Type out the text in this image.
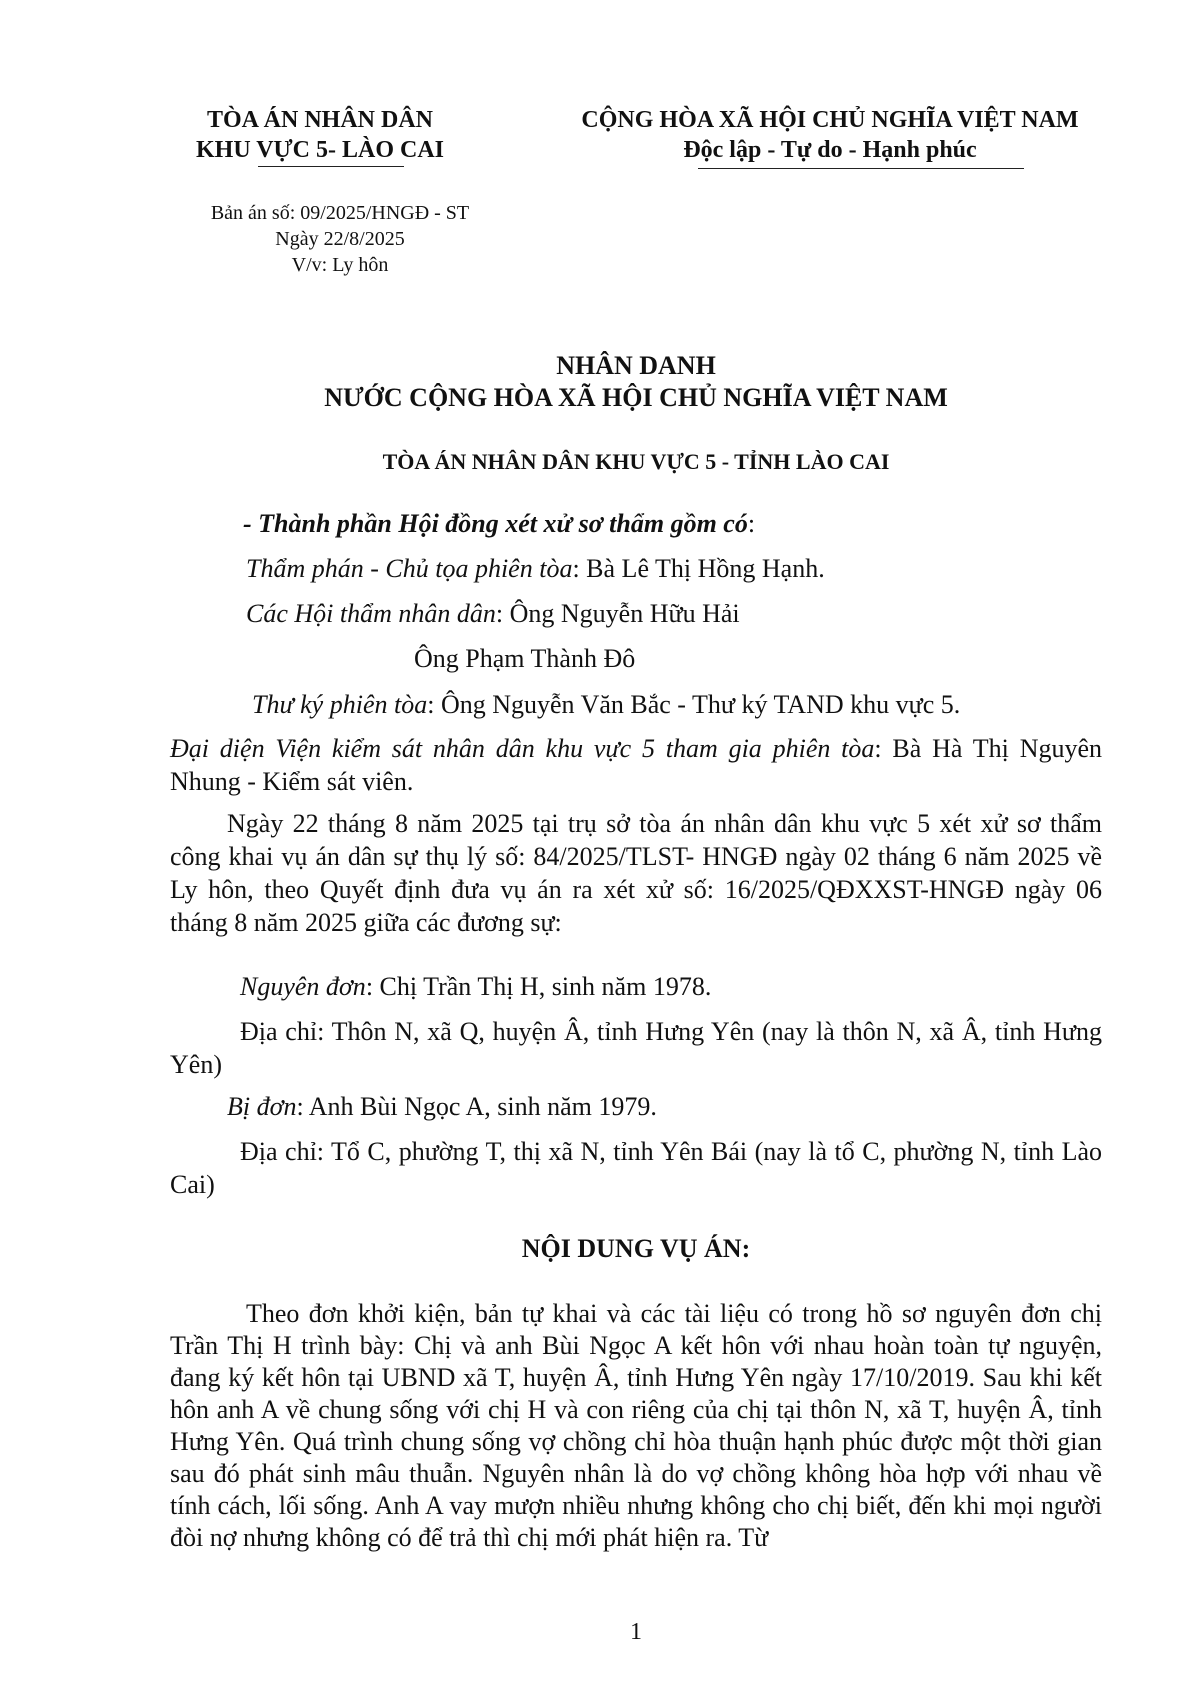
TÒA ÁN NHÂN DÂN
KHU VỰC 5- LÀO CAI
CỘNG HÒA XÃ HỘI CHỦ NGHĨA VIỆT NAM
Độc lập - Tự do - Hạnh phúc
Bản án số: 09/2025/HNGĐ - ST
Ngày 22/8/2025
V/v: Ly hôn
NHÂN DANH
NƯỚC CỘNG HÒA XÃ HỘI CHỦ NGHĨA VIỆT NAM
TÒA ÁN NHÂN DÂN KHU VỰC 5 - TỈNH LÀO CAI
- Thành phần Hội đồng xét xử sơ thẩm gồm có:
Thẩm phán - Chủ tọa phiên tòa: Bà Lê Thị Hồng Hạnh.
Các Hội thẩm nhân dân: Ông Nguyễn Hữu Hải
Ông Phạm Thành Đô
Thư ký phiên tòa: Ông Nguyễn Văn Bắc - Thư ký TAND khu vực 5.
Đại diện Viện kiểm sát nhân dân khu vực 5 tham gia phiên tòa: Bà Hà Thị Nguyên Nhung - Kiểm sát viên.
Ngày 22 tháng 8 năm 2025 tại trụ sở tòa án nhân dân khu vực 5 xét xử sơ thẩm công khai vụ án dân sự thụ lý số: 84/2025/TLST- HNGĐ ngày 02 tháng 6 năm 2025 về Ly hôn, theo Quyết định đưa vụ án ra xét xử số: 16/2025/QĐXXST-HNGĐ ngày 06 tháng 8 năm 2025 giữa các đương sự:
Nguyên đơn: Chị Trần Thị H, sinh năm 1978.
Địa chỉ: Thôn N, xã Q, huyện Â, tỉnh Hưng Yên (nay là thôn N, xã Â, tỉnh Hưng Yên)
Bị đơn: Anh Bùi Ngọc A, sinh năm 1979.
Địa chỉ: Tổ C, phường T, thị xã N, tỉnh Yên Bái (nay là tổ C, phường N, tỉnh Lào Cai)
NỘI DUNG VỤ ÁN:
Theo đơn khởi kiện, bản tự khai và các tài liệu có trong hồ sơ nguyên đơn chị Trần Thị H trình bày: Chị và anh Bùi Ngọc A kết hôn với nhau hoàn toàn tự nguyện, đang ký kết hôn tại UBND xã T, huyện Â, tỉnh Hưng Yên ngày 17/10/2019. Sau khi kết hôn anh A về chung sống với chị H và con riêng của chị tại thôn N, xã T, huyện Â, tỉnh Hưng Yên. Quá trình chung sống vợ chồng chỉ hòa thuận hạnh phúc được một thời gian sau đó phát sinh mâu thuẫn. Nguyên nhân là do vợ chồng không hòa hợp với nhau về tính cách, lối sống. Anh A vay mượn nhiều nhưng không cho chị biết, đến khi mọi người đòi nợ nhưng không có để trả thì chị mới phát hiện ra. Từ
1
